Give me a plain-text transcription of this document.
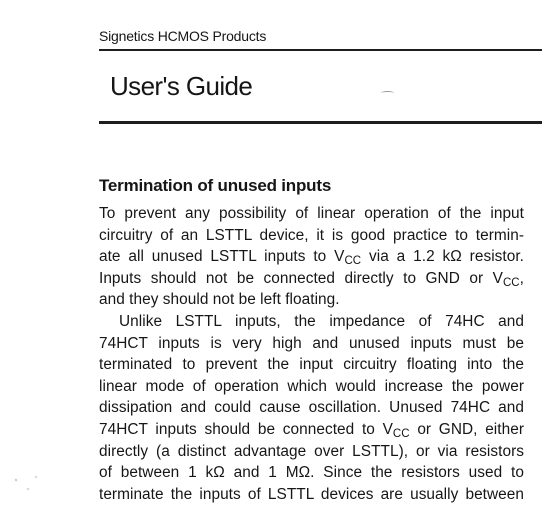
Signetics HCMOS Products
User's Guide
Termination of unused inputs
To prevent any possibility of linear operation of the input
circuitry of an LSTTL device, it is good practice to termin-
ate all unused LSTTL inputs to VCC via a 1.2 kΩ resistor.
Inputs should not be connected directly to GND or VCC,
and they should not be left floating.
Unlike LSTTL inputs, the impedance of 74HC and
74HCT inputs is very high and unused inputs must be
terminated to prevent the input circuitry floating into the
linear mode of operation which would increase the power
dissipation and could cause oscillation. Unused 74HC and
74HCT inputs should be connected to VCC or GND, either
directly (a distinct advantage over LSTTL), or via resistors
of between 1 kΩ and 1 MΩ. Since the resistors used to
terminate the inputs of LSTTL devices are usually between
